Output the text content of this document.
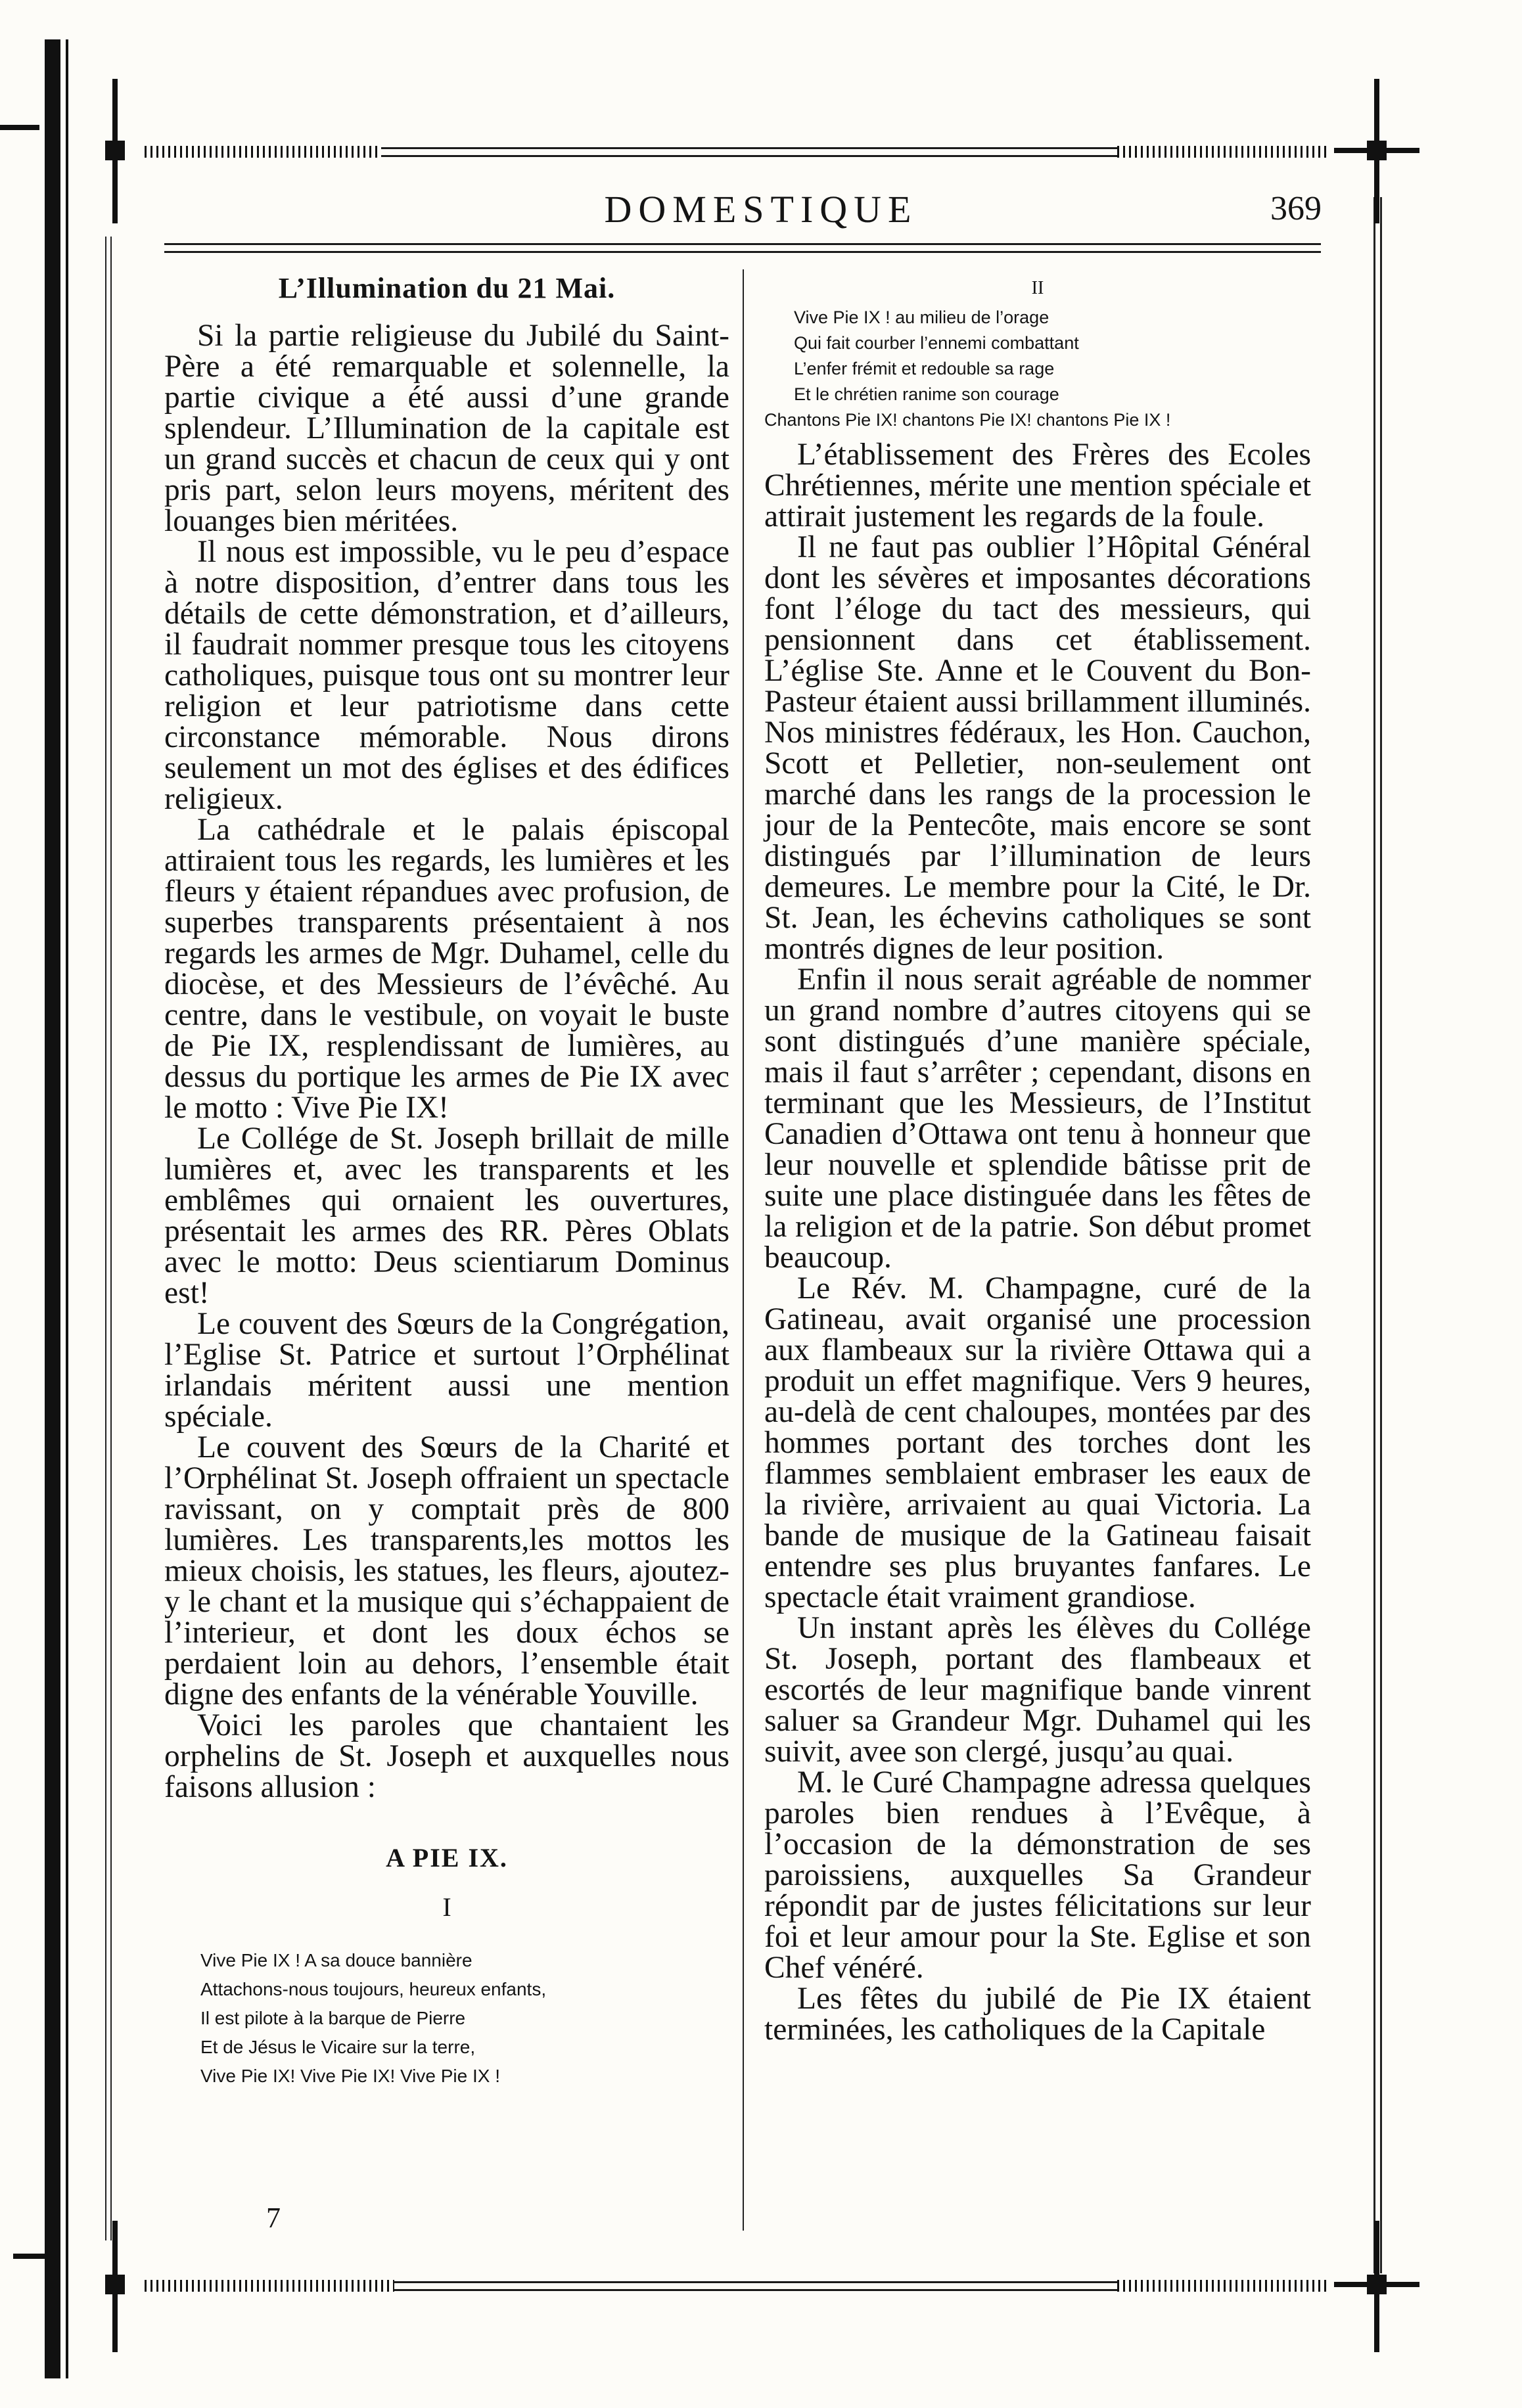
DOMESTIQUE	369
L’Illumination du 21 Mai.

Si la partie religieuse du Jubilé du Saint-Père a été remarquable et solennelle, la partie civique a été aussi d’une grande splendeur. L’Illumination de la capitale est un grand succès et chacun de ceux qui y ont pris part, selon leurs moyens, méritent des louanges bien méritées.

Il nous est impossible, vu le peu d’espace à notre disposition, d’entrer dans tous les détails de cette démonstration, et d’ailleurs, il faudrait nommer presque tous les citoyens catholiques, puisque tous ont su montrer leur religion et leur patriotisme dans cette circonstance mémorable. Nous dirons seulement un mot des églises et des édifices religieux.

La cathédrale et le palais épiscopal attiraient tous les regards, les lumières et les fleurs y étaient répandues avec profusion, de superbes transparents présentaient à nos regards les armes de Mgr. Duhamel, celle du diocèse, et des Messieurs de l’évêché. Au centre, dans le vestibule, on voyait le buste de Pie IX, resplendissant de lumières, au dessus du portique les armes de Pie IX avec le motto : Vive Pie IX!

Le Collége de St. Joseph brillait de mille lumières et, avec les transparents et les emblêmes qui ornaient les ouvertures, présentait les armes des RR. Pères Oblats avec le motto: Deus scientiarum Dominus est!

Le couvent des Sœurs de la Congrégation, l’Eglise St. Patrice et surtout l’Orphélinat irlandais méritent aussi une mention spéciale.

Le couvent des Sœurs de la Charité et l’Orphélinat St. Joseph offraient un spectacle ravissant, on y comptait près de 800 lumières. Les transparents,les mottos les mieux choisis, les statues, les fleurs, ajoutez-y le chant et la musique qui s’échappaient de l’interieur, et dont les doux échos se perdaient loin au dehors, l’ensemble était digne des enfants de la vénérable Youville.

Voici les paroles que chantaient les orphelins de St. Joseph et auxquelles nous faisons allusion :

A PIE IX.
I
Vive Pie IX ! A sa douce bannière
Attachons-nous toujours, heureux enfants,
Il est pilote à la barque de Pierre
Et de Jésus le Vicaire sur la terre,
Vive Pie IX! Vive Pie IX! Vive Pie IX !
7
II
Vive Pie IX ! au milieu de l’orage
Qui fait courber l’ennemi combattant
L’enfer frémit et redouble sa rage
Et le chrétien ranime son courage
Chantons Pie IX! chantons Pie IX! chantons Pie IX !

L’établissement des Frères des Ecoles Chrétiennes, mérite une mention spéciale et attirait justement les regards de la foule.

Il ne faut pas oublier l’Hôpital Général dont les sévères et imposantes décorations font l’éloge du tact des messieurs, qui pensionnent dans cet établissement. L’église Ste. Anne et le Couvent du Bon-Pasteur étaient aussi brillamment illuminés. Nos ministres fédéraux, les Hon. Cauchon, Scott et Pelletier, non-seulement ont marché dans les rangs de la procession le jour de la Pentecôte, mais encore se sont distingués par l’illumination de leurs demeures. Le membre pour la Cité, le Dr. St. Jean, les échevins catholiques se sont montrés dignes de leur position.

Enfin il nous serait agréable de nommer un grand nombre d’autres citoyens qui se sont distingués d’une manière spéciale, mais il faut s’arrêter ; cependant, disons en terminant que les Messieurs, de l’Institut Canadien d’Ottawa ont tenu à honneur que leur nouvelle et splendide bâtisse prit de suite une place distinguée dans les fêtes de la religion et de la patrie. Son début promet beaucoup.

Le Rév. M. Champagne, curé de la Gatineau, avait organisé une procession aux flambeaux sur la rivière Ottawa qui a produit un effet magnifique. Vers 9 heures, au-delà de cent chaloupes, montées par des hommes portant des torches dont les flammes semblaient embraser les eaux de la rivière, arrivaient au quai Victoria. La bande de musique de la Gatineau faisait entendre ses plus bruyantes fanfares. Le spectacle était vraiment grandiose.

Un instant après les élèves du Collége St. Joseph, portant des flambeaux et escortés de leur magnifique bande vinrent saluer sa Grandeur Mgr. Duhamel qui les suivit, avee son clergé, jusqu’au quai.

M. le Curé Champagne adressa quelques paroles bien rendues à l’Evêque, à l’occasion de la démonstration de ses paroissiens, auxquelles Sa Grandeur répondit par de justes félicitations sur leur foi et leur amour pour la Ste. Eglise et son Chef vénéré.

Les fêtes du jubilé de Pie IX étaient terminées, les catholiques de la Capitale
